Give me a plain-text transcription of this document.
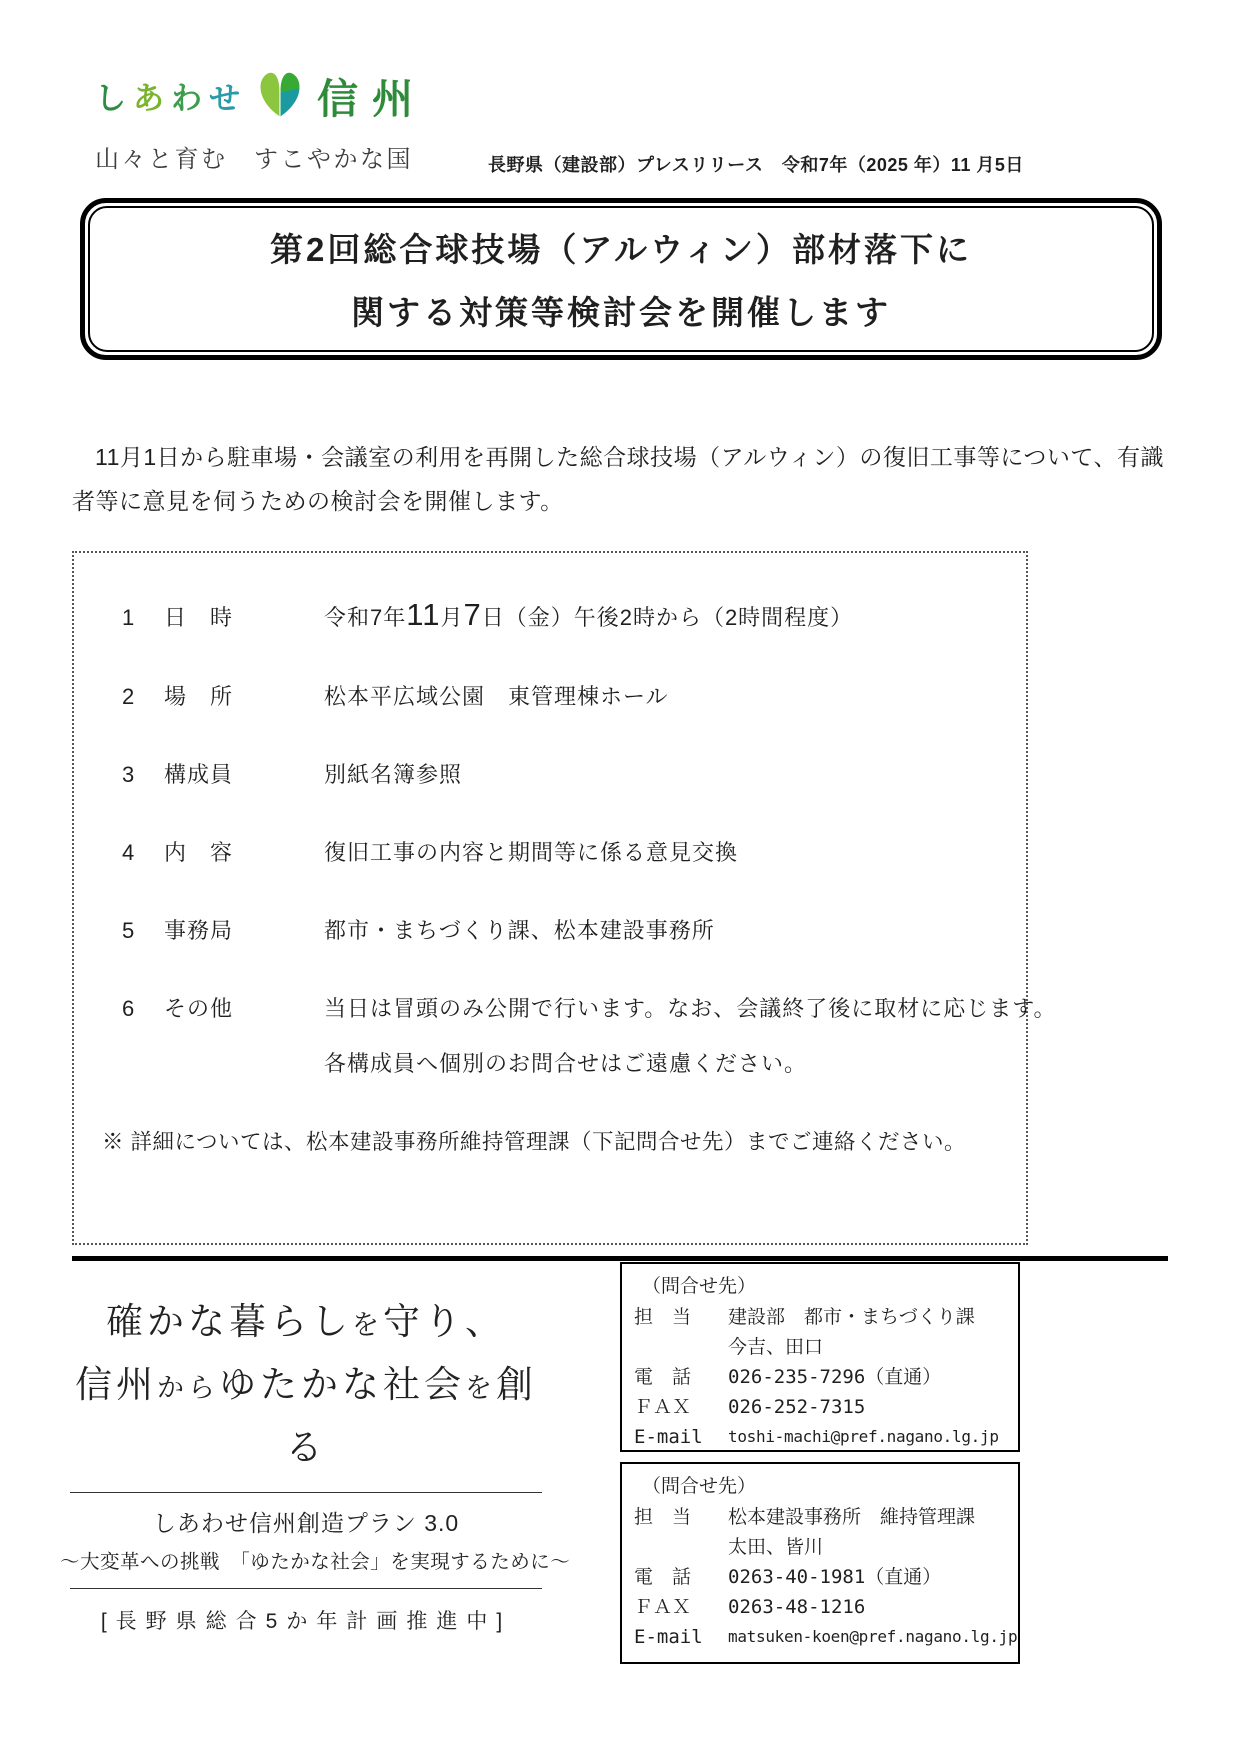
しあわせ 信州
山々と育む　すこやかな国	長野県（建設部）プレスリリース　令和7年（2025 年）11 月5日
第2回総合球技場（アルウィン）部材落下に
関する対策等検討会を開催します

11月1日から駐車場・会議室の利用を再開した総合球技場（アルウィン）の復旧工事等について、有識者等に意見を伺うための検討会を開催します。

1	日　時	令和7年11月7日（金）午後2時から（2時間程度）
2	場　所	松本平広域公園　東管理棟ホール
3	構成員	別紙名簿参照
4	内　容	復旧工事の内容と期間等に係る意見交換
5	事務局	都市・まちづくり課、松本建設事務所
6	その他	当日は冒頭のみ公開で行います。なお、会議終了後に取材に応じます。
各構成員へ個別のお問合せはご遠慮ください。
※ 詳細については、松本建設事務所維持管理課（下記問合せ先）までご連絡ください。
確かな暮らしを守り、
信州からゆたかな社会を創る
しあわせ信州創造プラン 3.0
～大変革への挑戦　「ゆたかな社会」を実現するために～
[長野県総合5か年計画推進中]
（問合せ先）
担　当	建設部　都市・まちづくり課
今吉、田口
電　話	026-235-7296（直通）
ＦＡＸ	026-252-7315
E-mail	toshi-machi@pref.nagano.lg.jp
（問合せ先）
担　当	松本建設事務所　維持管理課
太田、皆川
電　話	0263-40-1981（直通）
ＦＡＸ	0263-48-1216
E-mail	matsuken-koen@pref.nagano.lg.jp
